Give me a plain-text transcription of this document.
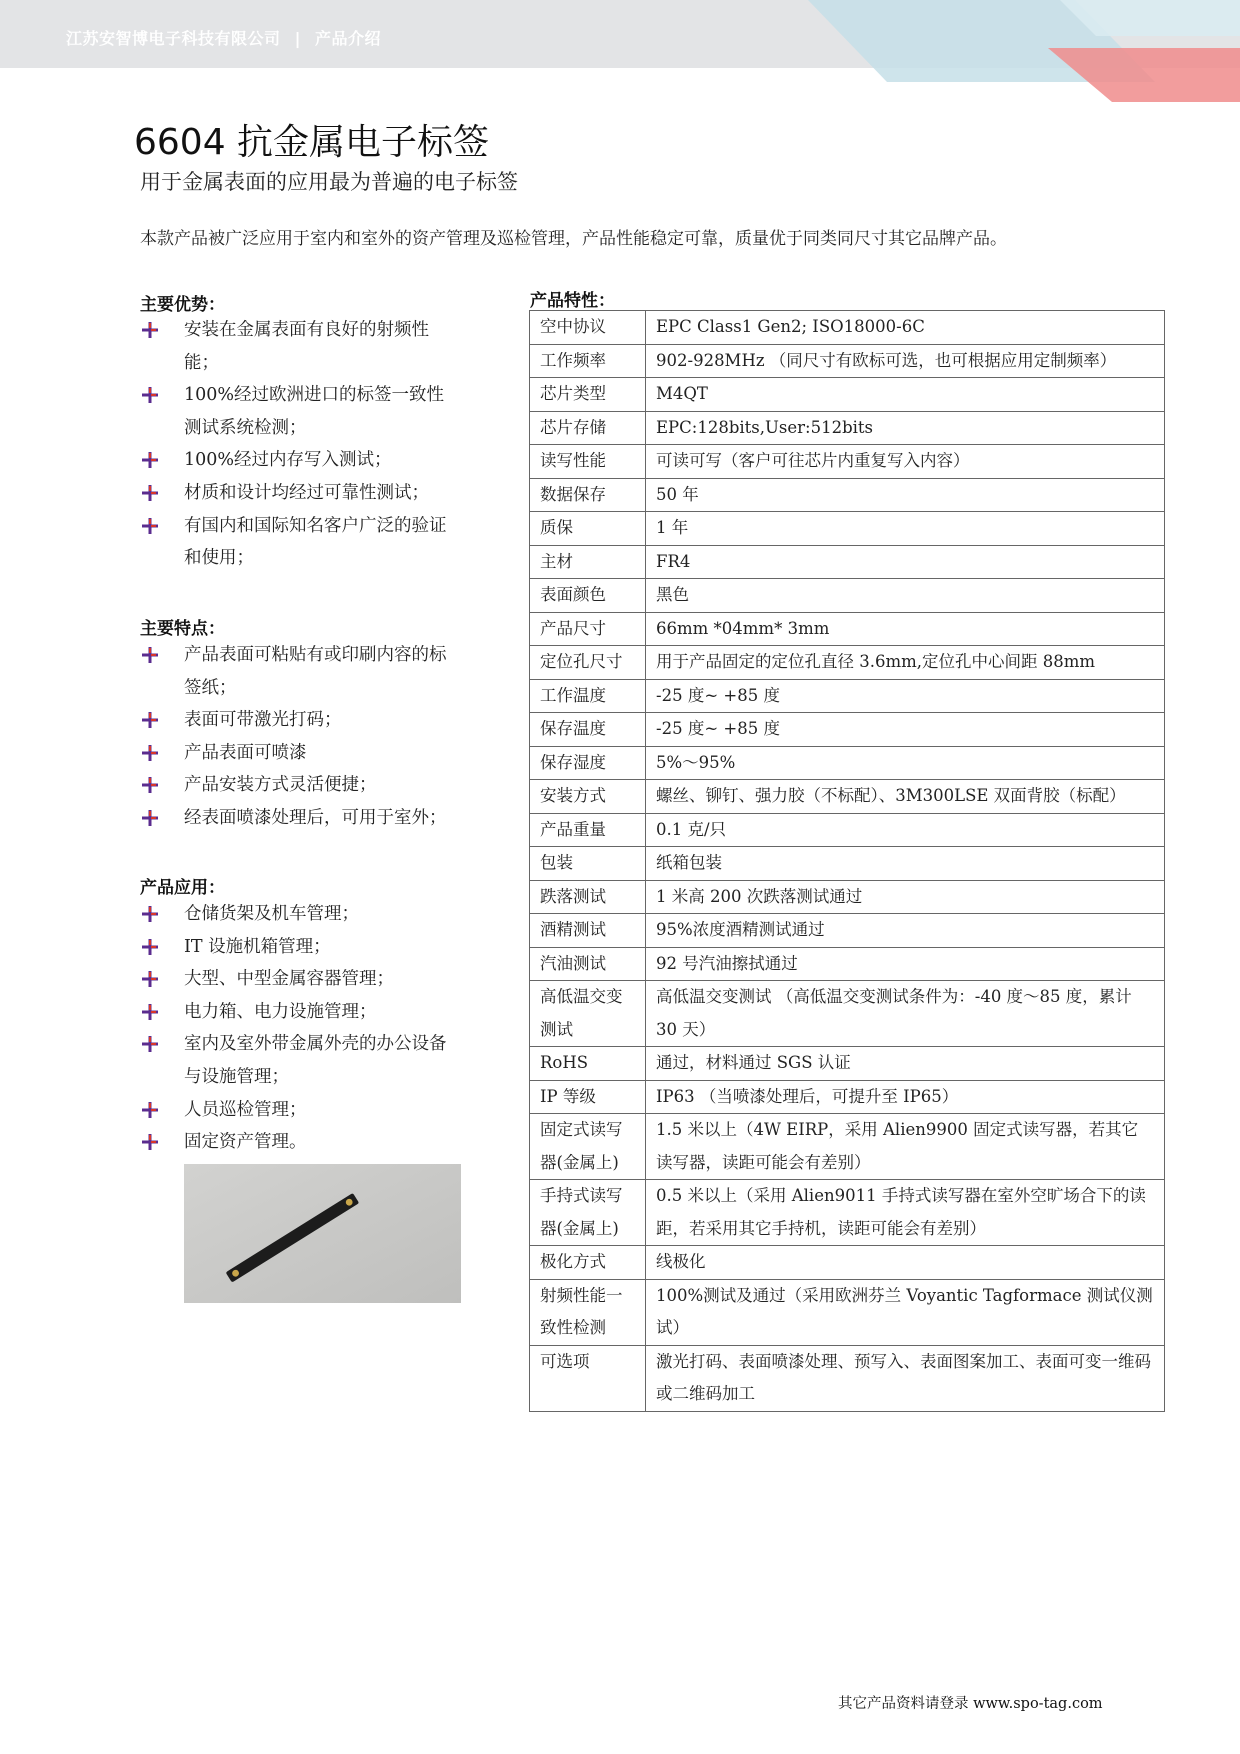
江苏安智博电子科技有限公司 | 产品介绍
6604 抗金属电子标签
用于金属表面的应用最为普遍的电子标签
本款产品被广泛应用于室内和室外的资产管理及巡检管理，产品性能稳定可靠，质量优于同类同尺寸其它品牌产品。
主要优势：
安装在金属表面有良好的射频性能；
100%经过欧洲进口的标签一致性测试系统检测；
100%经过内存写入测试；
材质和设计均经过可靠性测试；
有国内和国际知名客户广泛的验证和使用；
主要特点：
产品表面可粘贴有或印刷内容的标签纸；
表面可带激光打码；
产品表面可喷漆
产品安装方式灵活便捷；
经表面喷漆处理后，可用于室外；
产品应用：
仓储货架及机车管理；
IT 设施机箱管理；
大型、中型金属容器管理；
电力箱、电力设施管理；
室内及室外带金属外壳的办公设备与设施管理；
人员巡检管理；
固定资产管理。
产品特性：
空中协议	EPC Class1 Gen2; ISO18000-6C
工作频率	902-928MHz （同尺寸有欧标可选，也可根据应用定制频率）
芯片类型	M4QT
芯片存储	EPC:128bits,User:512bits
读写性能	可读可写（客户可往芯片内重复写入内容）
数据保存	50 年
质保	1 年
主材	FR4
表面颜色	黑色
产品尺寸	66mm *04mm* 3mm
定位孔尺寸	用于产品固定的定位孔直径 3.6mm,定位孔中心间距 88mm
工作温度	-25 度~ +85 度
保存温度	-25 度~ +85 度
保存湿度	5%～95%
安装方式	螺丝、铆钉、强力胶（不标配）、3M300LSE 双面背胶（标配）
产品重量	0.1 克/只
包装	纸箱包装
跌落测试	1 米高 200 次跌落测试通过
酒精测试	95%浓度酒精测试通过
汽油测试	92 号汽油擦拭通过
高低温交变测试	高低温交变测试 （高低温交变测试条件为：-40 度～85 度，累计 30 天）
RoHS	通过，材料通过 SGS 认证
IP 等级	IP63 （当喷漆处理后，可提升至 IP65）
固定式读写器(金属上)	1.5 米以上（4W EIRP，采用 Alien9900 固定式读写器，若其它读写器，读距可能会有差别）
手持式读写器(金属上)	0.5 米以上（采用 Alien9011 手持式读写器在室外空旷场合下的读距，若采用其它手持机，读距可能会有差别）
极化方式	线极化
射频性能一致性检测	100%测试及通过（采用欧洲芬兰 Voyantic Tagformace 测试仪测试）
可选项	激光打码、表面喷漆处理、预写入、表面图案加工、表面可变一维码或二维码加工
其它产品资料请登录 www.spo-tag.com
